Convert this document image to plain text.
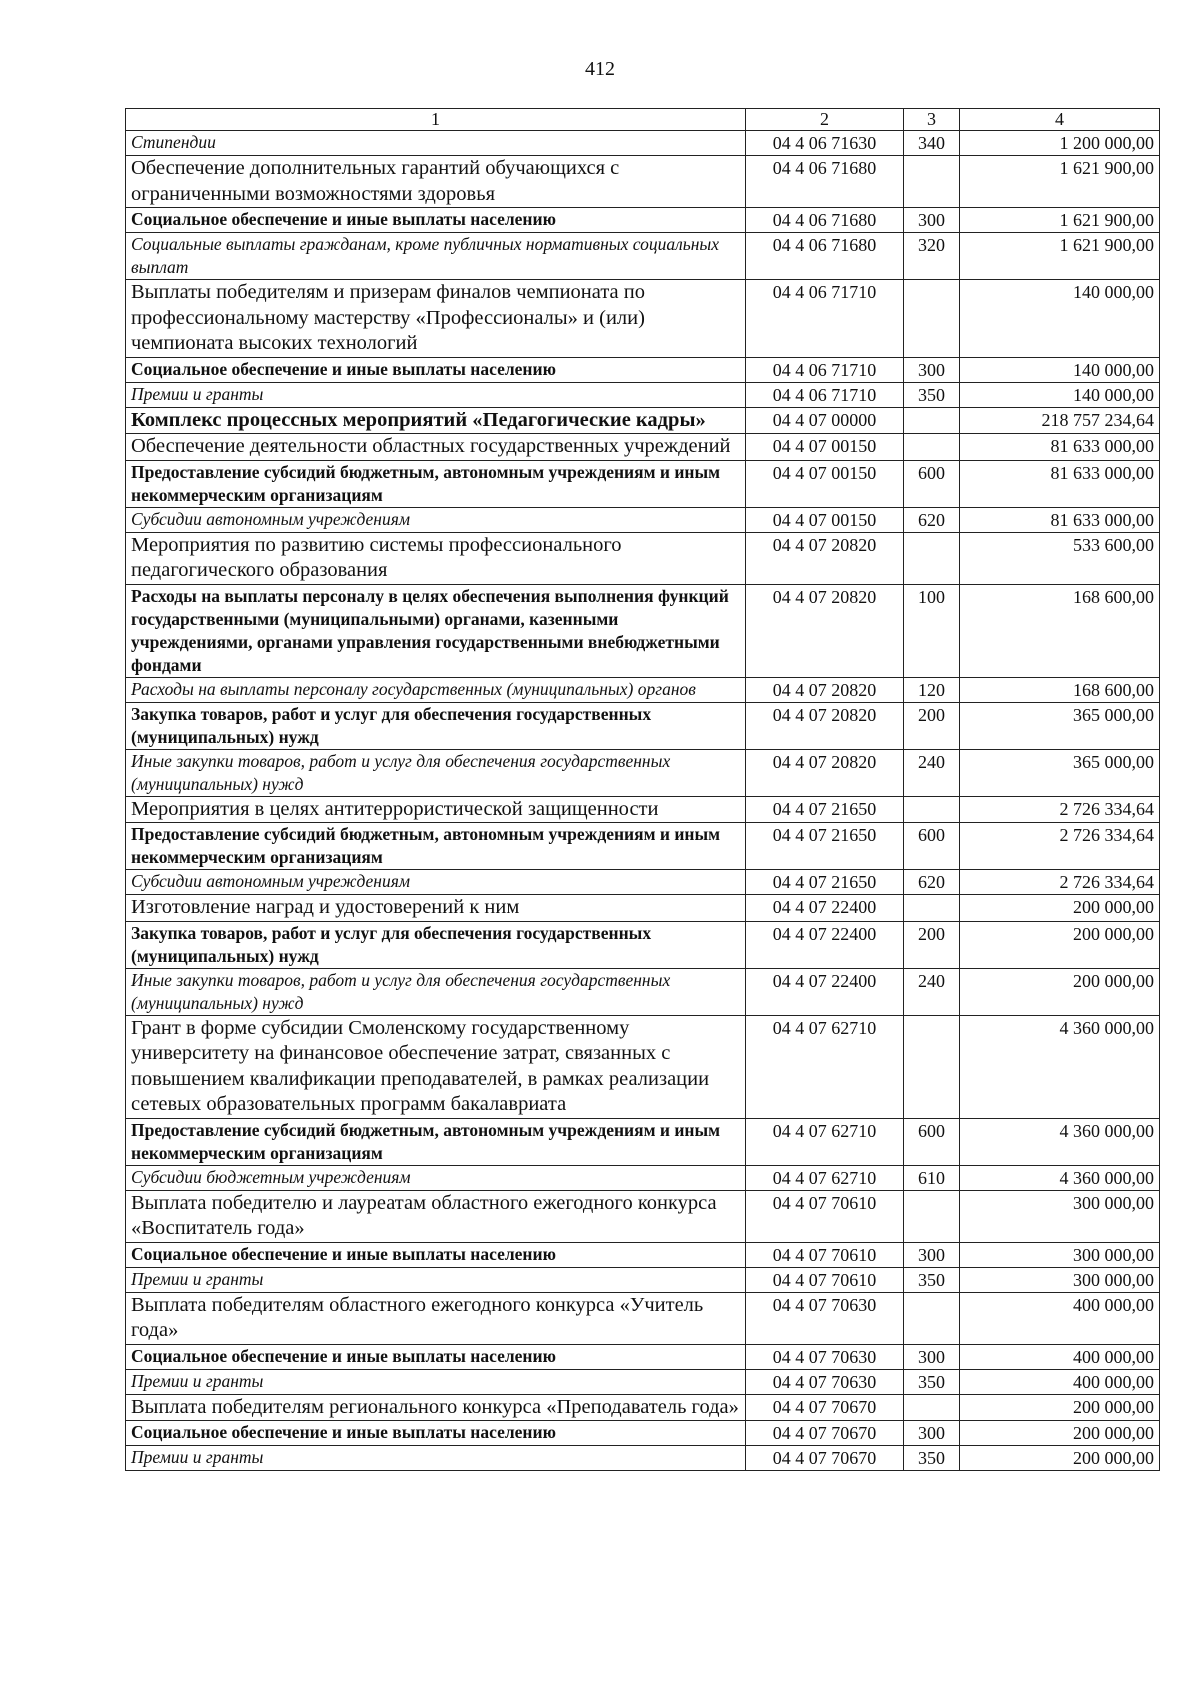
412
1	2	3	4
Стипендии	04 4 06 71630	340	1 200 000,00
Обеспечение дополнительных гарантий обучающихся с ограниченными возможностями здоровья	04 4 06 71680		1 621 900,00
Социальное обеспечение и иные выплаты населению	04 4 06 71680	300	1 621 900,00
Социальные выплаты гражданам, кроме публичных нормативных социальных выплат	04 4 06 71680	320	1 621 900,00
Выплаты победителям и призерам финалов чемпионата по профессиональному мастерству «Профессионалы» и (или) чемпионата высоких технологий	04 4 06 71710		140 000,00
Социальное обеспечение и иные выплаты населению	04 4 06 71710	300	140 000,00
Премии и гранты	04 4 06 71710	350	140 000,00
Комплекс процессных мероприятий «Педагогические кадры»	04 4 07 00000		218 757 234,64
Обеспечение деятельности областных государственных учреждений	04 4 07 00150		81 633 000,00
Предоставление субсидий бюджетным, автономным учреждениям и иным некоммерческим организациям	04 4 07 00150	600	81 633 000,00
Субсидии автономным учреждениям	04 4 07 00150	620	81 633 000,00
Мероприятия по развитию системы профессионального педагогического образования	04 4 07 20820		533 600,00
Расходы на выплаты персоналу в целях обеспечения выполнения функций государственными (муниципальными) органами, казенными учреждениями, органами управления государственными внебюджетными фондами	04 4 07 20820	100	168 600,00
Расходы на выплаты персоналу государственных (муниципальных) органов	04 4 07 20820	120	168 600,00
Закупка товаров, работ и услуг для обеспечения государственных (муниципальных) нужд	04 4 07 20820	200	365 000,00
Иные закупки товаров, работ и услуг для обеспечения государственных (муниципальных) нужд	04 4 07 20820	240	365 000,00
Мероприятия в целях антитеррористической защищенности	04 4 07 21650		2 726 334,64
Предоставление субсидий бюджетным, автономным учреждениям и иным некоммерческим организациям	04 4 07 21650	600	2 726 334,64
Субсидии автономным учреждениям	04 4 07 21650	620	2 726 334,64
Изготовление наград и удостоверений к ним	04 4 07 22400		200 000,00
Закупка товаров, работ и услуг для обеспечения государственных (муниципальных) нужд	04 4 07 22400	200	200 000,00
Иные закупки товаров, работ и услуг для обеспечения государственных (муниципальных) нужд	04 4 07 22400	240	200 000,00
Грант в форме субсидии Смоленскому государственному университету на финансовое обеспечение затрат, связанных с повышением квалификации преподавателей, в рамках реализации сетевых образовательных программ бакалавриата	04 4 07 62710		4 360 000,00
Предоставление субсидий бюджетным, автономным учреждениям и иным некоммерческим организациям	04 4 07 62710	600	4 360 000,00
Субсидии бюджетным учреждениям	04 4 07 62710	610	4 360 000,00
Выплата победителю и лауреатам областного ежегодного конкурса «Воспитатель года»	04 4 07 70610		300 000,00
Социальное обеспечение и иные выплаты населению	04 4 07 70610	300	300 000,00
Премии и гранты	04 4 07 70610	350	300 000,00
Выплата победителям областного ежегодного конкурса «Учитель года»	04 4 07 70630		400 000,00
Социальное обеспечение и иные выплаты населению	04 4 07 70630	300	400 000,00
Премии и гранты	04 4 07 70630	350	400 000,00
Выплата победителям регионального конкурса «Преподаватель года»	04 4 07 70670		200 000,00
Социальное обеспечение и иные выплаты населению	04 4 07 70670	300	200 000,00
Премии и гранты	04 4 07 70670	350	200 000,00
